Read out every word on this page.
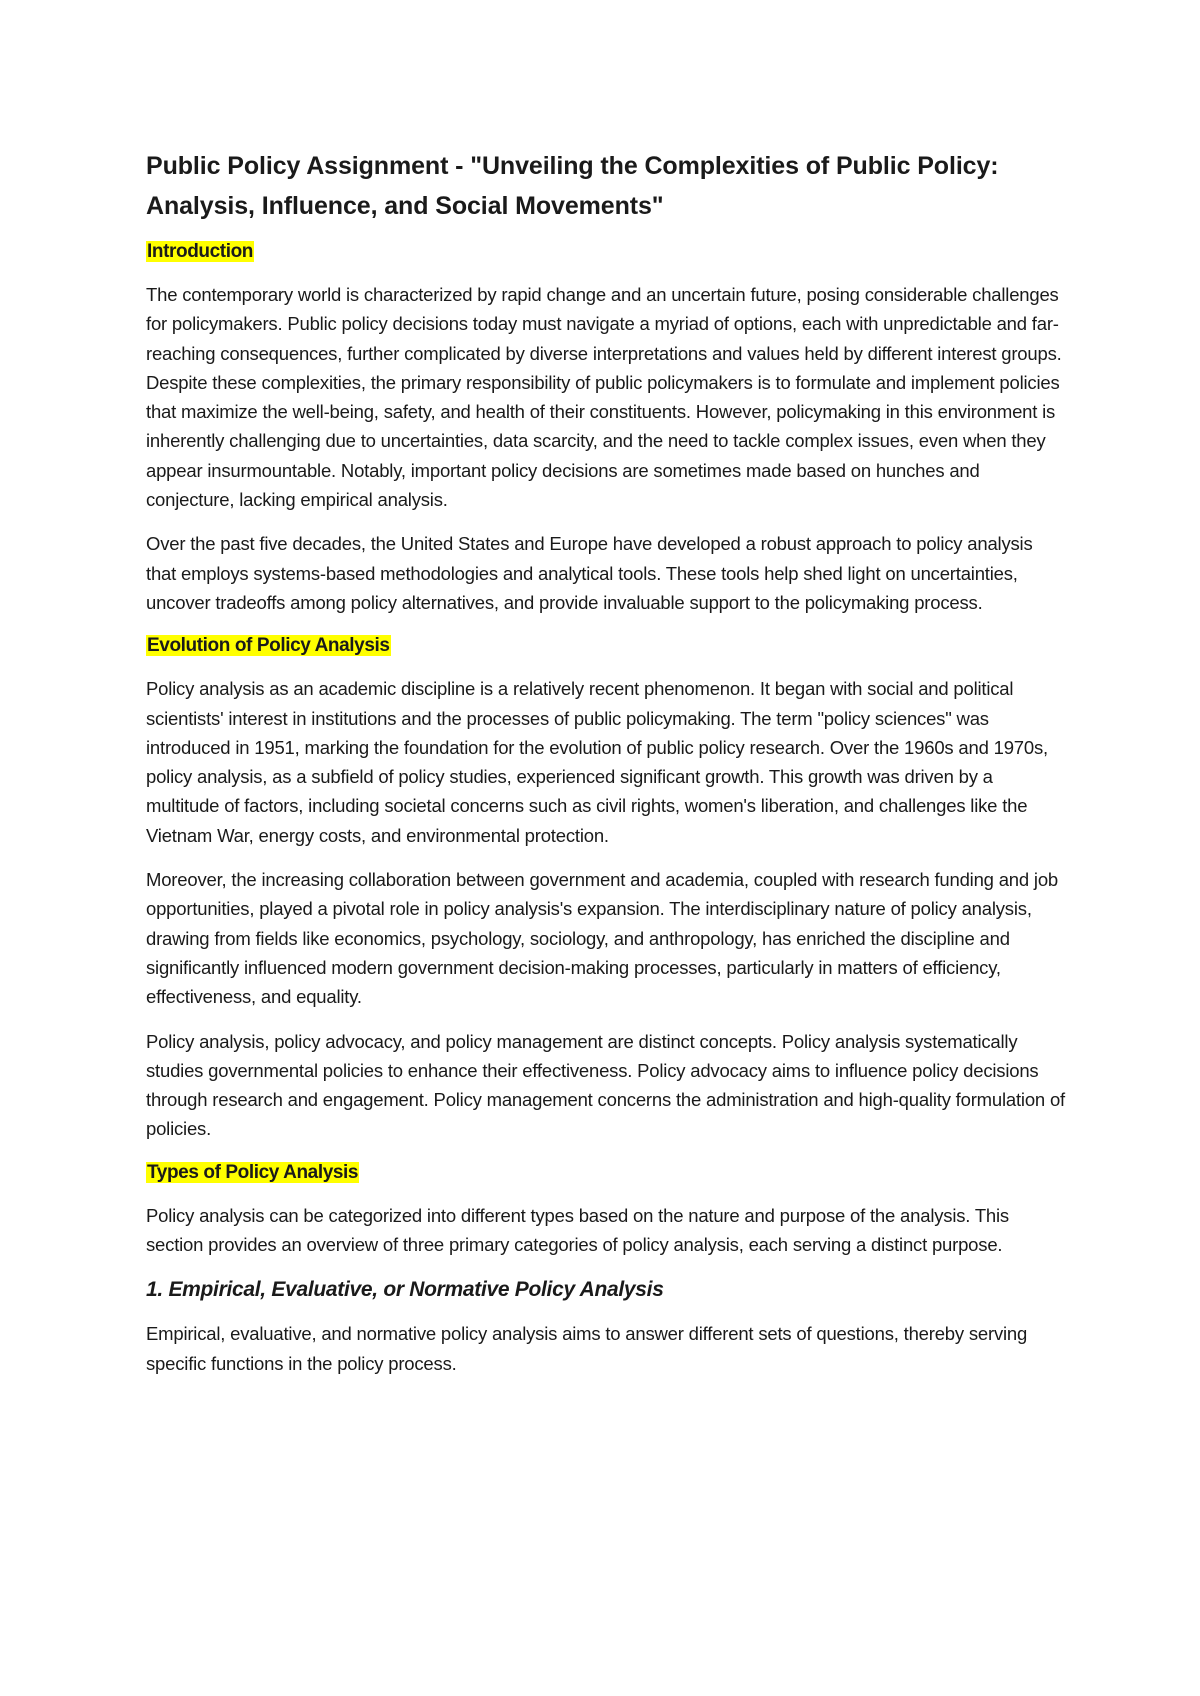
Public Policy Assignment - "Unveiling the Complexities of Public Policy: Analysis, Influence, and Social Movements"
Introduction

The contemporary world is characterized by rapid change and an uncertain future, posing considerable challenges for policymakers. Public policy decisions today must navigate a myriad of options, each with unpredictable and far-reaching consequences, further complicated by diverse interpretations and values held by different interest groups. Despite these complexities, the primary responsibility of public policymakers is to formulate and implement policies that maximize the well-being, safety, and health of their constituents. However, policymaking in this environment is inherently challenging due to uncertainties, data scarcity, and the need to tackle complex issues, even when they appear insurmountable. Notably, important policy decisions are sometimes made based on hunches and conjecture, lacking empirical analysis.

Over the past five decades, the United States and Europe have developed a robust approach to policy analysis that employs systems-based methodologies and analytical tools. These tools help shed light on uncertainties, uncover tradeoffs among policy alternatives, and provide invaluable support to the policymaking process.

Evolution of Policy Analysis

Policy analysis as an academic discipline is a relatively recent phenomenon. It began with social and political scientists' interest in institutions and the processes of public policymaking. The term "policy sciences" was introduced in 1951, marking the foundation for the evolution of public policy research. Over the 1960s and 1970s, policy analysis, as a subfield of policy studies, experienced significant growth. This growth was driven by a multitude of factors, including societal concerns such as civil rights, women's liberation, and challenges like the Vietnam War, energy costs, and environmental protection.

Moreover, the increasing collaboration between government and academia, coupled with research funding and job opportunities, played a pivotal role in policy analysis's expansion. The interdisciplinary nature of policy analysis, drawing from fields like economics, psychology, sociology, and anthropology, has enriched the discipline and significantly influenced modern government decision-making processes, particularly in matters of efficiency, effectiveness, and equality.

Policy analysis, policy advocacy, and policy management are distinct concepts. Policy analysis systematically studies governmental policies to enhance their effectiveness. Policy advocacy aims to influence policy decisions through research and engagement. Policy management concerns the administration and high-quality formulation of policies.

Types of Policy Analysis

Policy analysis can be categorized into different types based on the nature and purpose of the analysis. This section provides an overview of three primary categories of policy analysis, each serving a distinct purpose.

1. Empirical, Evaluative, or Normative Policy Analysis

Empirical, evaluative, and normative policy analysis aims to answer different sets of questions, thereby serving specific functions in the policy process.
